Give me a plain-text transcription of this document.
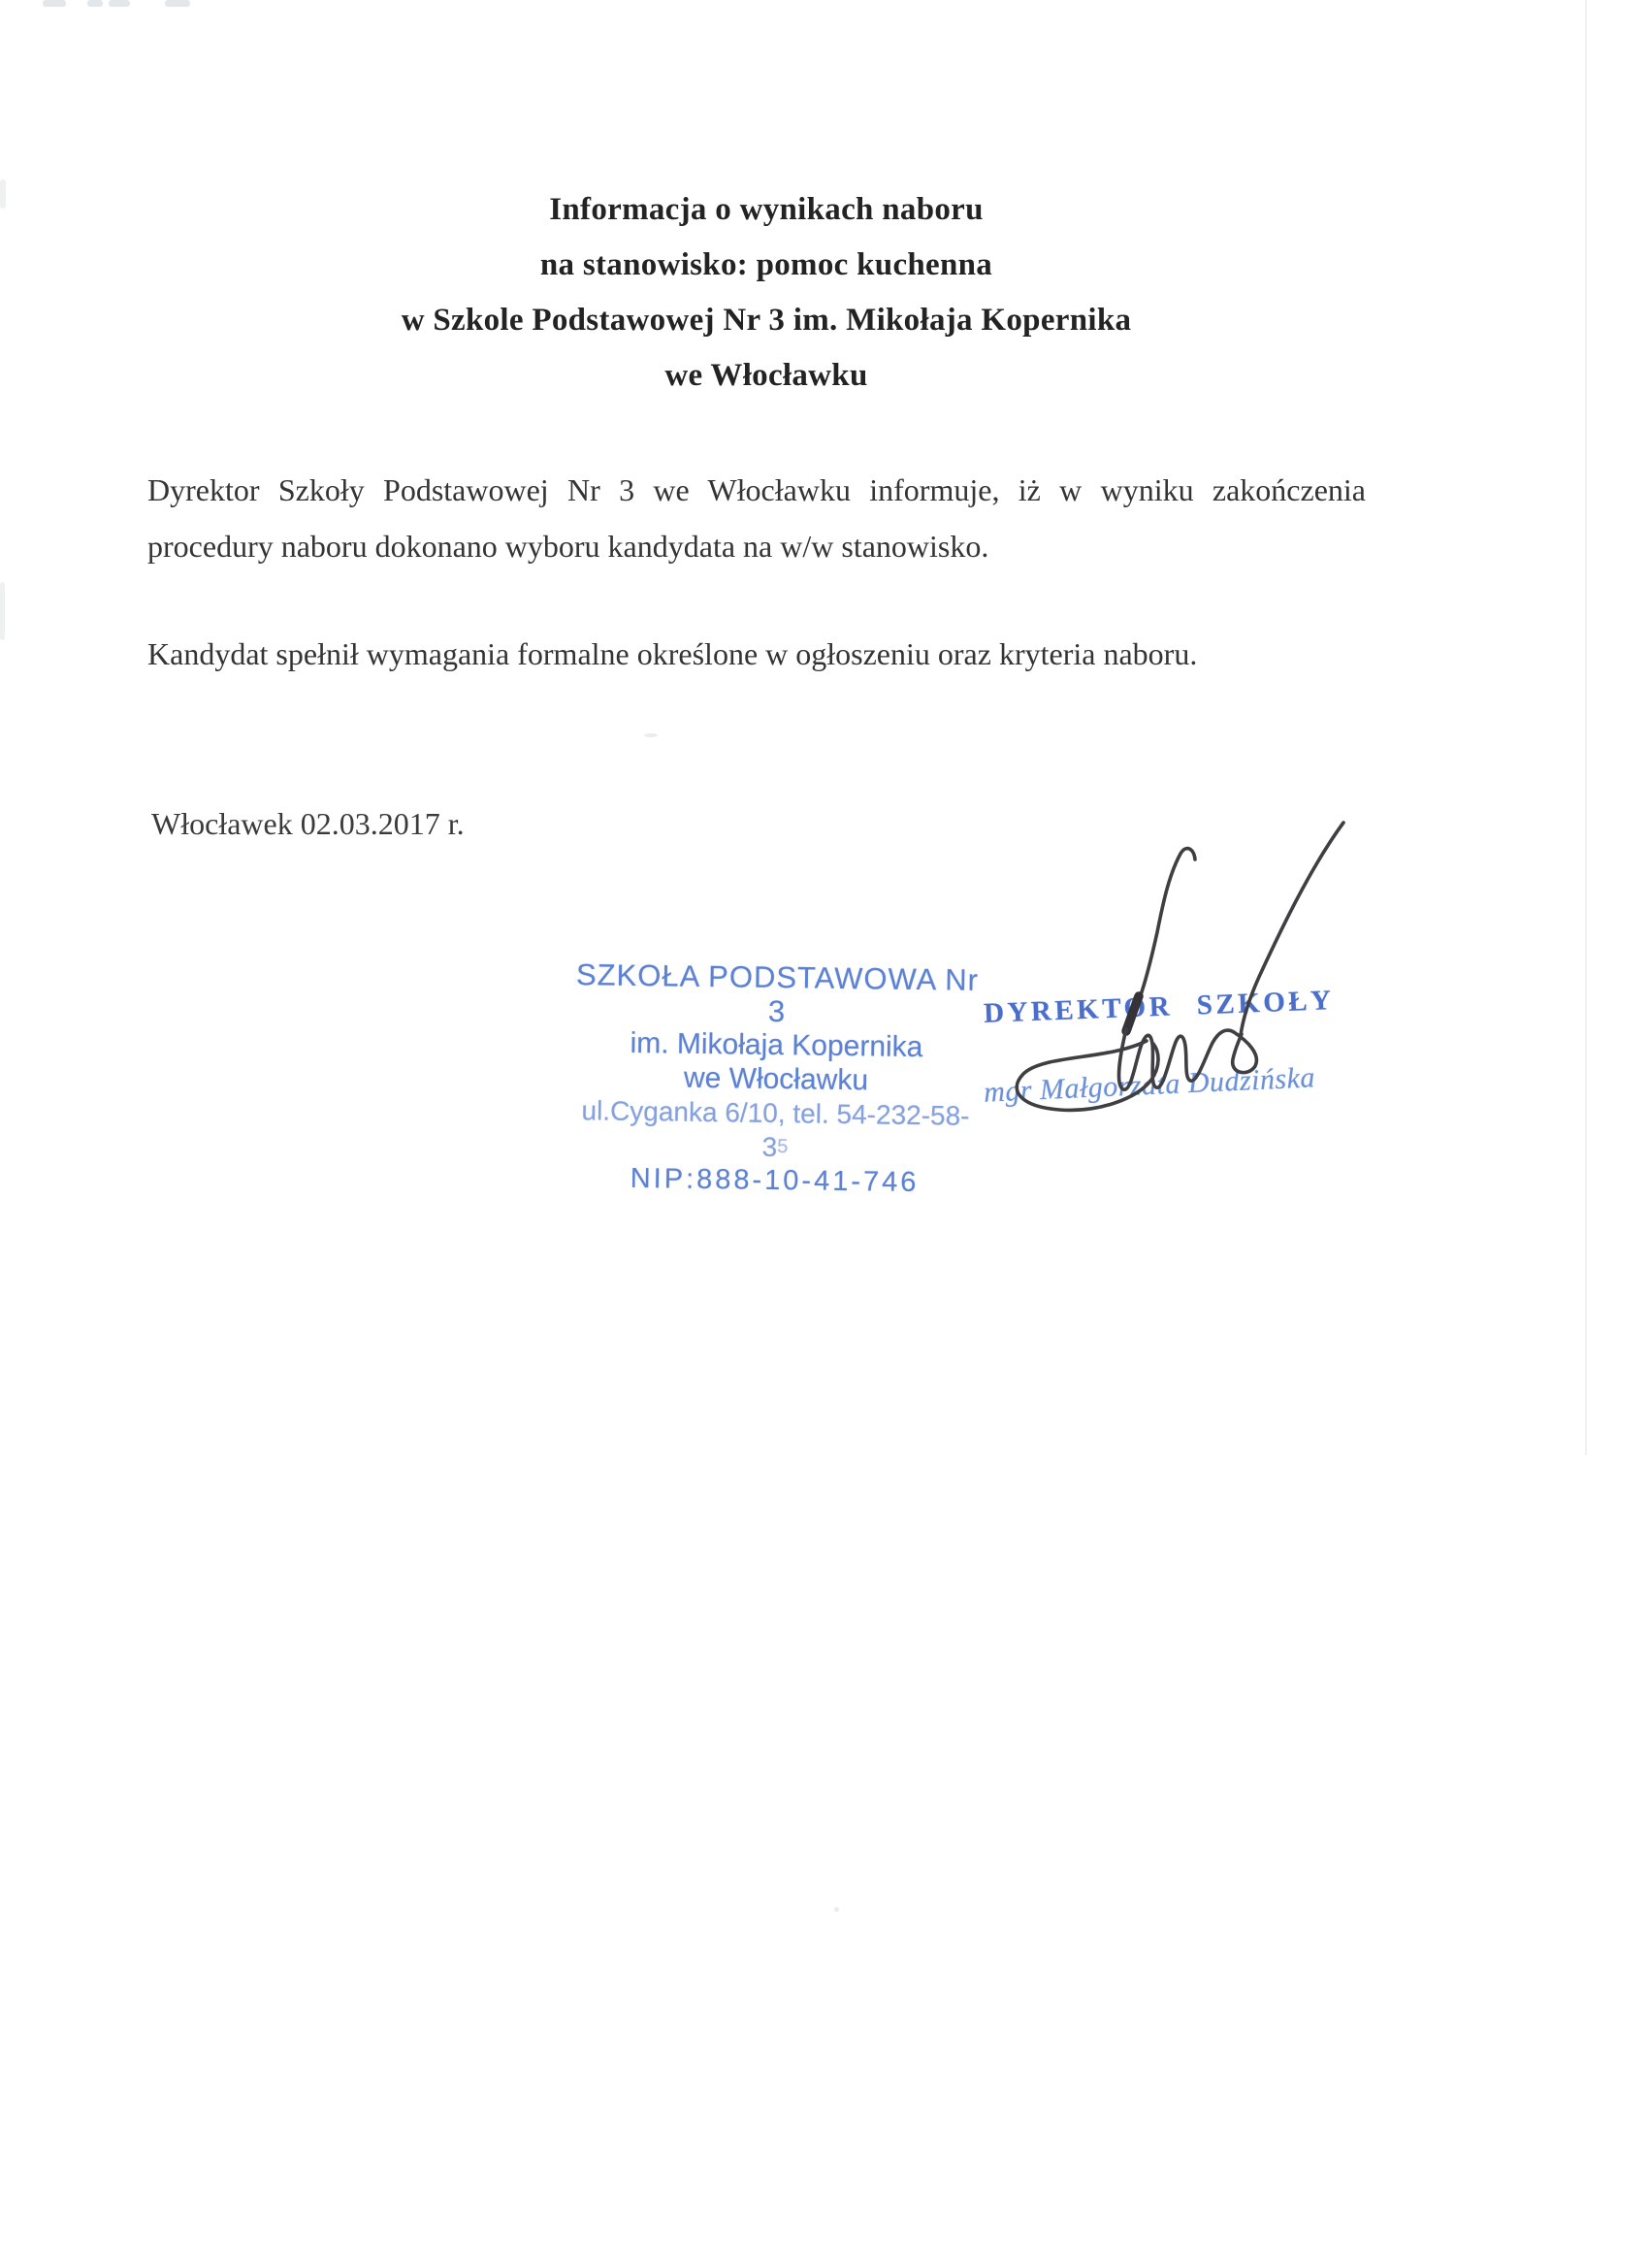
Informacja o wynikach naboru
na stanowisko: pomoc kuchenna
w Szkole Podstawowej Nr 3 im. Mikołaja Kopernika
we Włocławku
Dyrektor Szkoły Podstawowej Nr 3 we Włocławku informuje, iż w wyniku zakończenia
procedury naboru dokonano wyboru kandydata na w/w stanowisko.
Kandydat spełnił wymagania formalne określone w ogłoszeniu oraz kryteria naboru.
Włocławek 02.03.2017 r.
SZKOŁA PODSTAWOWA Nr 3
im. Mikołaja Kopernika
we Włocławku
ul.Cyganka 6/10, tel. $54-232-58-3^5$
NIP:888-10-41-746
DYREKTOR SZKOŁY
mgr Małgorzata Dudzińska
